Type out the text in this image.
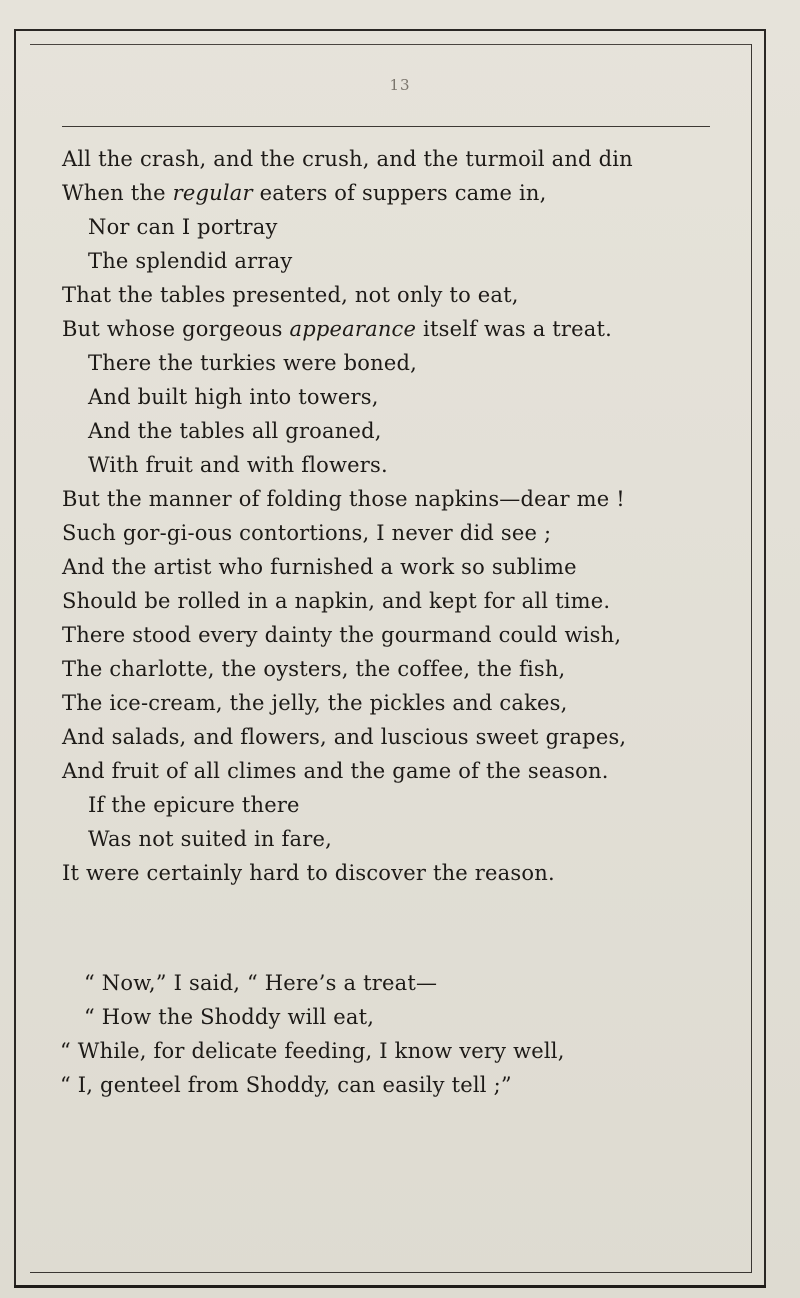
13
All the crash, and the crush, and the turmoil and din
When the regular eaters of suppers came in,
Nor can I portray
The splendid array
That the tables presented, not only to eat,
But whose gorgeous appearance itself was a treat.
There the turkies were boned,
And built high into towers,
And the tables all groaned,
With fruit and with flowers.
But the manner of folding those napkins—dear me !
Such gor-gi-ous contortions, I never did see ;
And the artist who furnished a work so sublime
Should be rolled in a napkin, and kept for all time.
There stood every dainty the gourmand could wish,
The charlotte, the oysters, the coffee, the fish,
The ice-cream, the jelly, the pickles and cakes,
And salads, and flowers, and luscious sweet grapes,
And fruit of all climes and the game of the season.
If the epicure there
Was not suited in fare,
It were certainly hard to discover the reason.
“ Now,” I said, “ Here’s a treat—
“ How the Shoddy will eat,
“ While, for delicate feeding, I know very well,
“ I, genteel from Shoddy, can easily tell ;”
